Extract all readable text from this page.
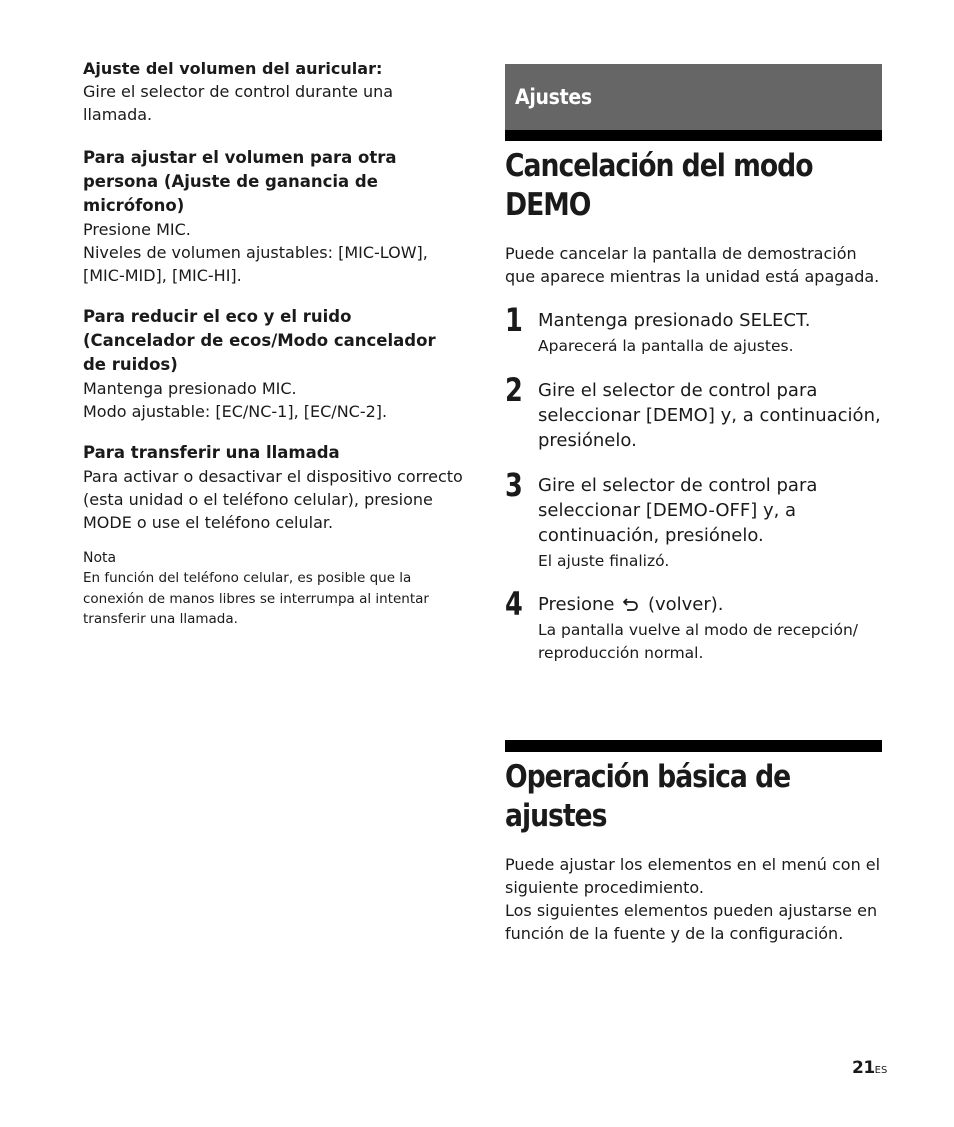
Ajuste del volumen del auricular:

Gire el selector de control durante una llamada.

Para ajustar el volumen para otra persona (Ajuste de ganancia de micrófono)

Presione MIC.

Niveles de volumen ajustables: [MIC-LOW], [MIC-MID], [MIC-HI].

Para reducir el eco y el ruido (Cancelador de ecos/Modo cancelador de ruidos)

Mantenga presionado MIC.

Modo ajustable: [EC/NC-1], [EC/NC-2].

Para transferir una llamada

Para activar o desactivar el dispositivo correcto (esta unidad o el teléfono celular), presione MODE o use el teléfono celular.

Nota

En función del teléfono celular, es posible que la conexión de manos libres se interrumpa al intentar transferir una llamada.

Ajustes
Cancelación del modo DEMO

Puede cancelar la pantalla de demostración que aparece mientras la unidad está apagada.

1 Mantenga presionado SELECT.

Aparecerá la pantalla de ajustes.

2 Gire el selector de control para seleccionar [DEMO] y, a continuación, presiónelo.

3 Gire el selector de control para seleccionar [DEMO-OFF] y, a continuación, presiónelo.

El ajuste finalizó.

4 Presione (volver).

La pantalla vuelve al modo de recepción/ reproducción normal.

Operación básica de ajustes

Puede ajustar los elementos en el menú con el siguiente procedimiento.

Los siguientes elementos pueden ajustarse en función de la fuente y de la configuración.

21ES
